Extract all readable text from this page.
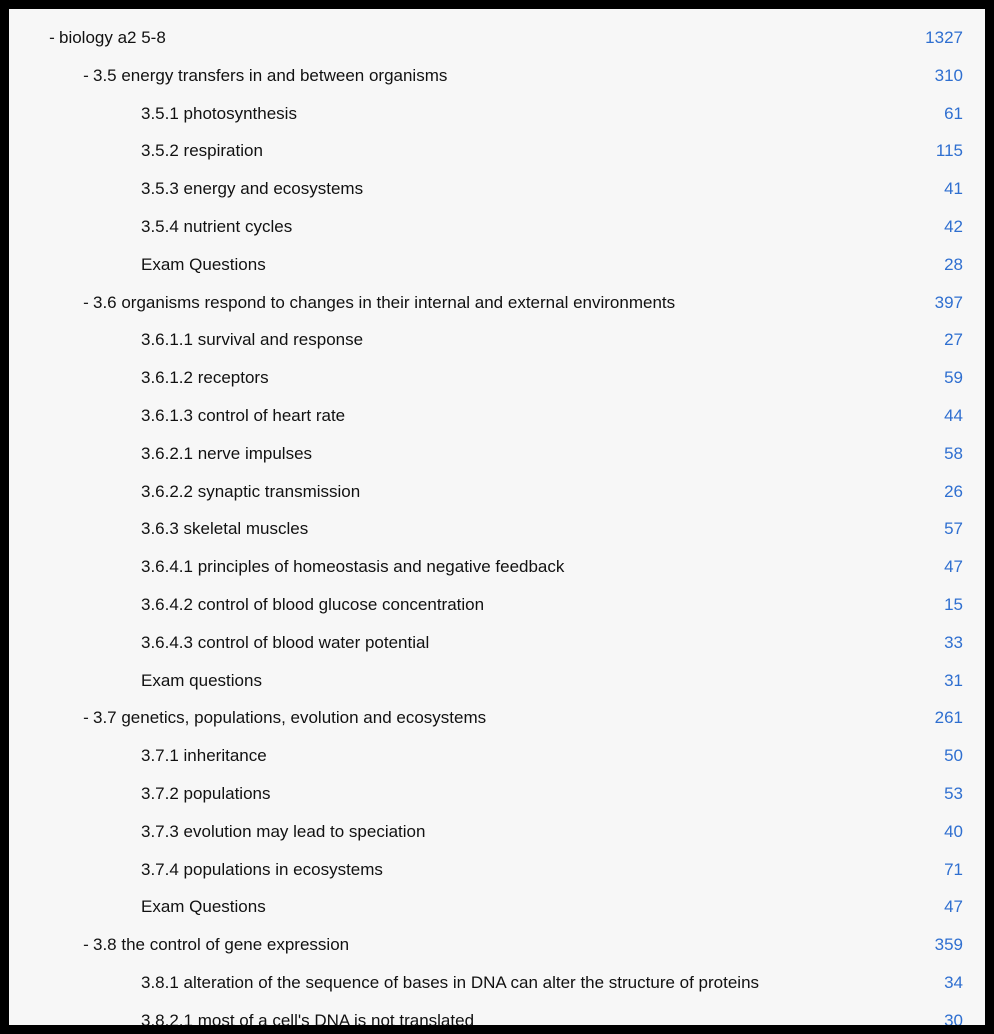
- biology a2 5-8	1327
- 3.5 energy transfers in and between organisms	310
3.5.1 photosynthesis	61
3.5.2 respiration	115
3.5.3 energy and ecosystems	41
3.5.4 nutrient cycles	42
Exam Questions	28
- 3.6 organisms respond to changes in their internal and external environments	397
3.6.1.1 survival and response	27
3.6.1.2 receptors	59
3.6.1.3 control of heart rate	44
3.6.2.1 nerve impulses	58
3.6.2.2 synaptic transmission	26
3.6.3 skeletal muscles	57
3.6.4.1 principles of homeostasis and negative feedback	47
3.6.4.2 control of blood glucose concentration	15
3.6.4.3 control of blood water potential	33
Exam questions	31
- 3.7 genetics, populations, evolution and ecosystems	261
3.7.1 inheritance	50
3.7.2 populations	53
3.7.3 evolution may lead to speciation	40
3.7.4 populations in ecosystems	71
Exam Questions	47
- 3.8 the control of gene expression	359
3.8.1 alteration of the sequence of bases in DNA can alter the structure of proteins	34
3.8.2.1 most of a cell's DNA is not translated	30
